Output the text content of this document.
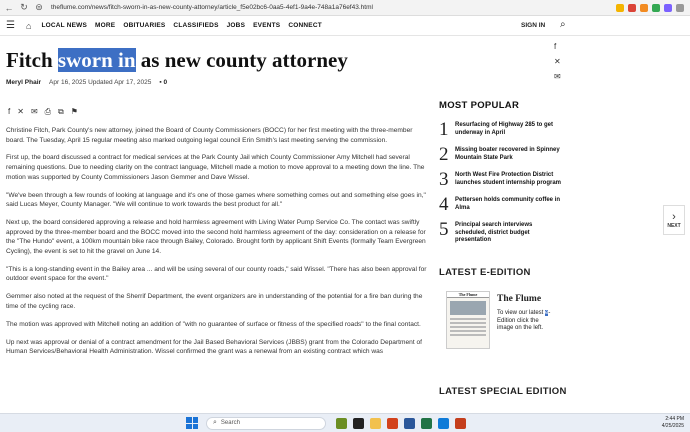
← ↻ ⊜	theflume.com/news/fitch-sworn-in-as-new-county-attorney/article_f5e02bc6-0aa5-4ef1-9a4e-748a1a76ef43.html
☰	⌂ LOCAL NEWS MORE OBITUARIES CLASSIFIEDS JOBS EVENTS CONNECT	SIGN IN ⌕
Fitch sworn in as new county attorney
f
✕
✉
Meryl Phair Apr 16, 2025 Updated Apr 17, 2025 ▪ 0
f ✕ ✉ ⎙ ⧉ ⚑

Christine Fitch, Park County's new attorney, joined the Board of County Commissioners (BOCC) for her first meeting with the three-member board. The Tuesday, April 15 regular meeting also marked outgoing legal council Erin Smith's last meeting serving the commission.

First up, the board discussed a contract for medical services at the Park County Jail which County Commissioner Amy Mitchell had several remaining questions. Due to needing clarity on the contract language, Mitchell made a motion to move approval to a meeting down the line. The motion was supported by County Commissioners Jason Gemmer and Dave Wissel.

"We've been through a few rounds of looking at language and it's one of those games where something comes out and something else goes in," said Lucas Meyer, County Manager. "We will continue to work towards the best product for all."

Next up, the board considered approving a release and hold harmless agreement with Living Water Pump Service Co. The contact was swiftly approved by the three-member board and the BOCC moved into the second hold harmless agreement of the day: consideration on a release for the "The Hundo" event, a 100km mountain bike race through Bailey, Colorado. Brought forth by applicant Shift Events (formally Team Evergreen Cycling), the event is set to hit the gravel on June 14.

"This is a long-standing event in the Bailey area ... and will be using several of our county roads," said Wissel. "There has also been approval for outdoor event space for the event."

Gemmer also noted at the request of the Sherrif Department, the event organizers are in understanding of the potential for a fire ban during the time of the cycling race.

The motion was approved with Mitchell noting an addition of "with no guarantee of surface or fitness of the specified roads" to the final contact.

Up next was approval or denial of a contract amendment for the Jail Based Behavioral Services (JBBS) grant from the Colorado Department of Human Services/Behavioral Health Administration. Wissel confirmed the grant was a renewal from an existing contract which was

MOST POPULAR
1	Resurfacing of Highway 285 to get underway in April
2	Missing boater recovered in Spinney Mountain State Park
3	North West Fire Protection District launches student internship program
4	Pettersen holds community coffee in Alma
5	Principal search interviews scheduled, district budget presentation
LATEST E-EDITION
The Flume	The Flume
To view our latest e-Edition click the image on the left.
LATEST SPECIAL EDITION
›
NEXT
⌕ Search
2:44 PM
4/25/2025
